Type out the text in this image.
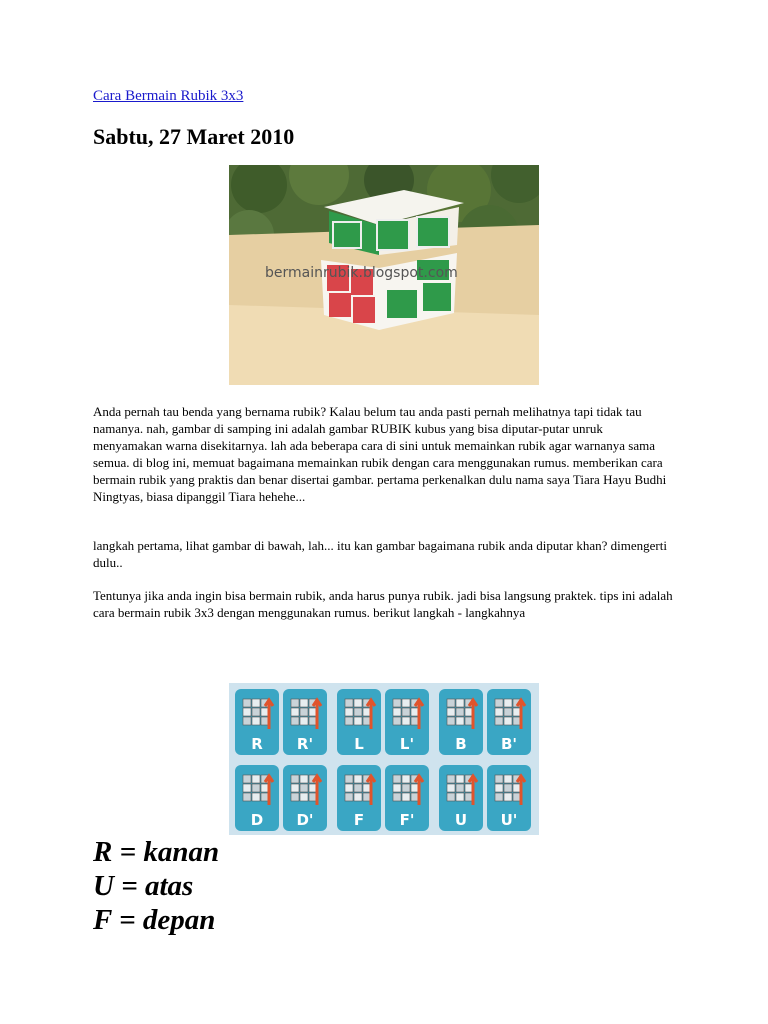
Cara Bermain Rubik 3x3
Sabtu, 27 Maret 2010
bermainrubik.blogspot.com

Anda pernah tau benda yang bernama rubik? Kalau belum tau anda pasti pernah melihatnya tapi tidak tau namanya. nah, gambar di samping ini adalah gambar RUBIK kubus yang bisa diputar-putar unruk menyamakan warna disekitarnya. lah ada beberapa cara di sini untuk memainkan rubik agar warnanya sama semua. di blog ini, memuat bagaimana memainkan rubik dengan cara menggunakan rumus. memberikan cara bermain rubik yang praktis dan benar disertai gambar. pertama perkenalkan dulu nama saya Tiara Hayu Budhi Ningtyas, biasa dipanggil Tiara hehehe...

langkah pertama, lihat gambar di bawah, lah... itu kan gambar bagaimana rubik anda diputar khan? dimengerti dulu..

Tentunya jika anda ingin bisa bermain rubik, anda harus punya rubik. jadi bisa langsung praktek. tips ini adalah cara bermain rubik 3x3 dengan menggunakan rumus. berikut langkah - langkahnya

R R'	L L'	B B'
D D'	F F'	U U'

R = kanan

U = atas

F = depan
